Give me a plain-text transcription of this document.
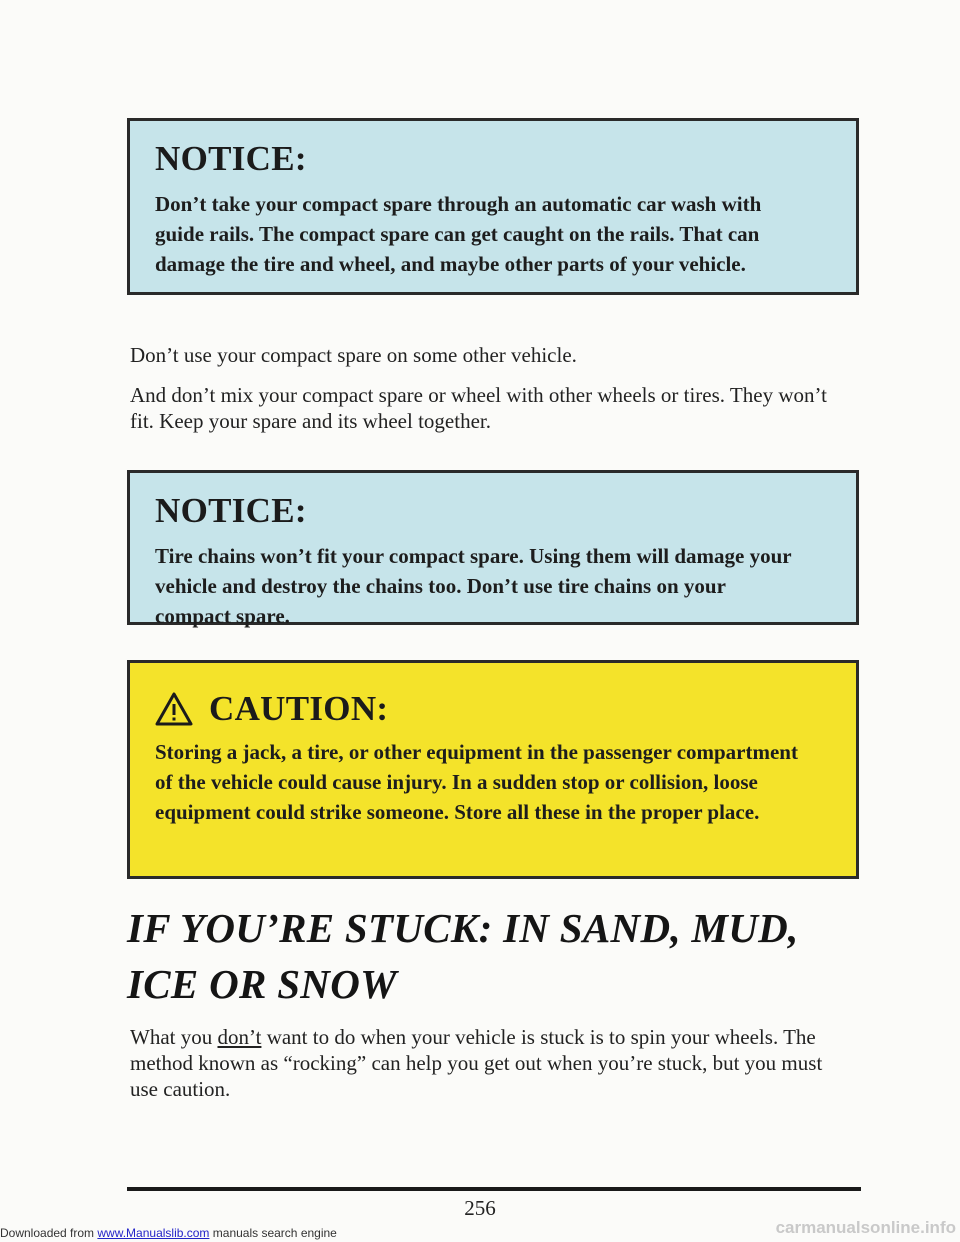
NOTICE:
Don’t take your compact spare through an automatic car wash with guide rails. The compact spare can get caught on the rails. That can damage the tire and wheel, and maybe other parts of your vehicle.
Don’t use your compact spare on some other vehicle.
And don’t mix your compact spare or wheel with other wheels or tires. They won’t fit. Keep your spare and its wheel together.
NOTICE:
Tire chains won’t fit your compact spare. Using them will damage your vehicle and destroy the chains too. Don’t use tire chains on your compact spare.
CAUTION:
Storing a jack, a tire, or other equipment in the passenger compartment of the vehicle could cause injury. In a sudden stop or collision, loose equipment could strike someone. Store all these in the proper place.
IF YOU’RE STUCK: IN SAND, MUD, ICE OR SNOW
What you don’t want to do when your vehicle is stuck is to spin your wheels. The method known as “rocking” can help you get out when you’re stuck, but you must use caution.
256
Downloaded from www.Manualslib.com manuals search engine	carmanualsonline.info
